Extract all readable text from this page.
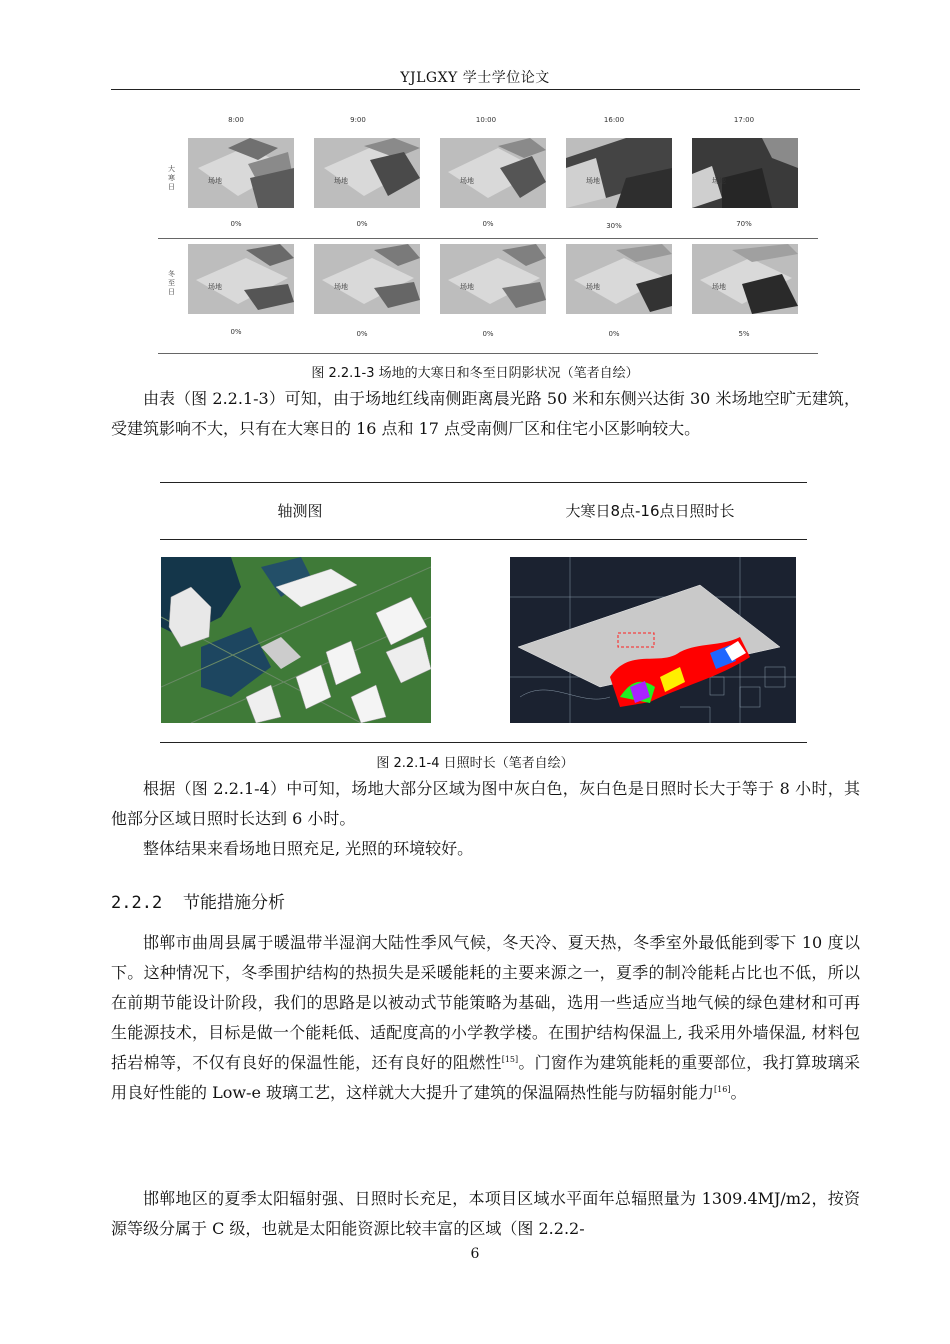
YJLGXY 学士学位论文
8:00	9:00	10:00	16:00	17:00
大寒日
场地	场地	场地	场地	场地
0%	0%	0%	30%	70%
冬至日
场地	场地	场地	场地	场地
0%	0%	0%	0%	5%
图 2.2.1-3 场地的大寒日和冬至日阴影状况（笔者自绘）

由表（图 2.2.1-3）可知，由于场地红线南侧距离晨光路 50 米和东侧兴达街 30 米场地空旷无建筑，受建筑影响不大，只有在大寒日的 16 点和 17 点受南侧厂区和住宅小区影响较大。

轴测图	大寒日8点-16点日照时长
图 2.2.1-4 日照时长（笔者自绘）

根据（图 2.2.1-4）中可知，场地大部分区域为图中灰白色，灰白色是日照时长大于等于 8 小时，其他部分区域日照时长达到 6 小时。

整体结果来看场地日照充足, 光照的环境较好。

2.2.2 节能措施分析

邯郸市曲周县属于暖温带半湿润大陆性季风气候，冬天冷、夏天热，冬季室外最低能到零下 10 度以下。这种情况下，冬季围护结构的热损失是采暖能耗的主要来源之一，夏季的制冷能耗占比也不低，所以在前期节能设计阶段，我们的思路是以被动式节能策略为基础，选用一些适应当地气候的绿色建材和可再生能源技术，目标是做一个能耗低、适配度高的小学教学楼。在围护结构保温上, 我采用外墙保温, 材料包括岩棉等，不仅有良好的保温性能，还有良好的阻燃性[15]。门窗作为建筑能耗的重要部位，我打算玻璃采用良好性能的 Low-e 玻璃工艺，这样就大大提升了建筑的保温隔热性能与防辐射能力[16]。

邯郸地区的夏季太阳辐射强、日照时长充足，本项目区域水平面年总辐照量为 1309.4MJ/m2，按资源等级分属于 C 级，也就是太阳能资源比较丰富的区域（图 2.2.2-

6
